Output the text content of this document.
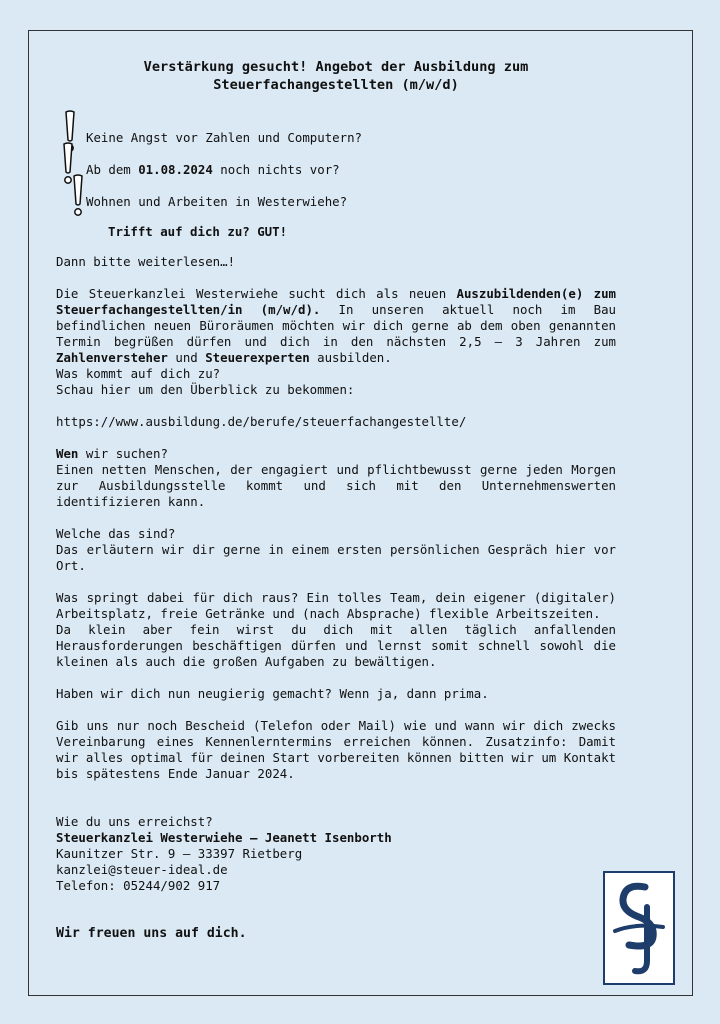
Verstärkung gesucht! Angebot der Ausbildung zum
Steuerfachangestellten (m/w/d)
Keine Angst vor Zahlen und Computern?
Ab dem 01.08.2024 noch nichts vor?
Wohnen und Arbeiten in Westerwiehe?
Trifft auf dich zu? GUT!

Dann bitte weiterlesen…!

Die Steuerkanzlei Westerwiehe sucht dich als neuen Auszubildenden(e) zum Steuerfachangestellten/in (m/w/d). In unseren aktuell noch im Bau befindlichen neuen Büroräumen möchten wir dich gerne ab dem oben genannten Termin begrüßen dürfen und dich in den nächsten 2,5 – 3 Jahren zum Zahlenversteher und Steuerexperten ausbilden.
Was kommt auf dich zu?

Schau hier um den Überblick zu bekommen:

https://www.ausbildung.de/berufe/steuerfachangestellte/

Wen wir suchen?

Einen netten Menschen, der engagiert und pflichtbewusst gerne jeden Morgen zur Ausbildungsstelle kommt und sich mit den Unternehmenswerten identifizieren kann.

Welche das sind?

Das erläutern wir dir gerne in einem ersten persönlichen Gespräch hier vor Ort.

Was springt dabei für dich raus? Ein tolles Team, dein eigener (digitaler) Arbeitsplatz, freie Getränke und (nach Absprache) flexible Arbeitszeiten.

Da klein aber fein wirst du dich mit allen täglich anfallenden Herausforderungen beschäftigen dürfen und lernst somit schnell sowohl die kleinen als auch die großen Aufgaben zu bewältigen.

Haben wir dich nun neugierig gemacht? Wenn ja, dann prima.

Gib uns nur noch Bescheid (Telefon oder Mail) wie und wann wir dich zwecks Vereinbarung eines Kennenlerntermins erreichen können. Zusatzinfo: Damit wir alles optimal für deinen Start vorbereiten können bitten wir um Kontakt bis spätestens Ende Januar 2024.

Wie du uns erreichst?
Steuerkanzlei Westerwiehe – Jeanett Isenborth
Kaunitzer Str. 9 – 33397 Rietberg
kanzlei@steuer-ideal.de
Telefon: 05244/902 917
Wir freuen uns auf dich.
